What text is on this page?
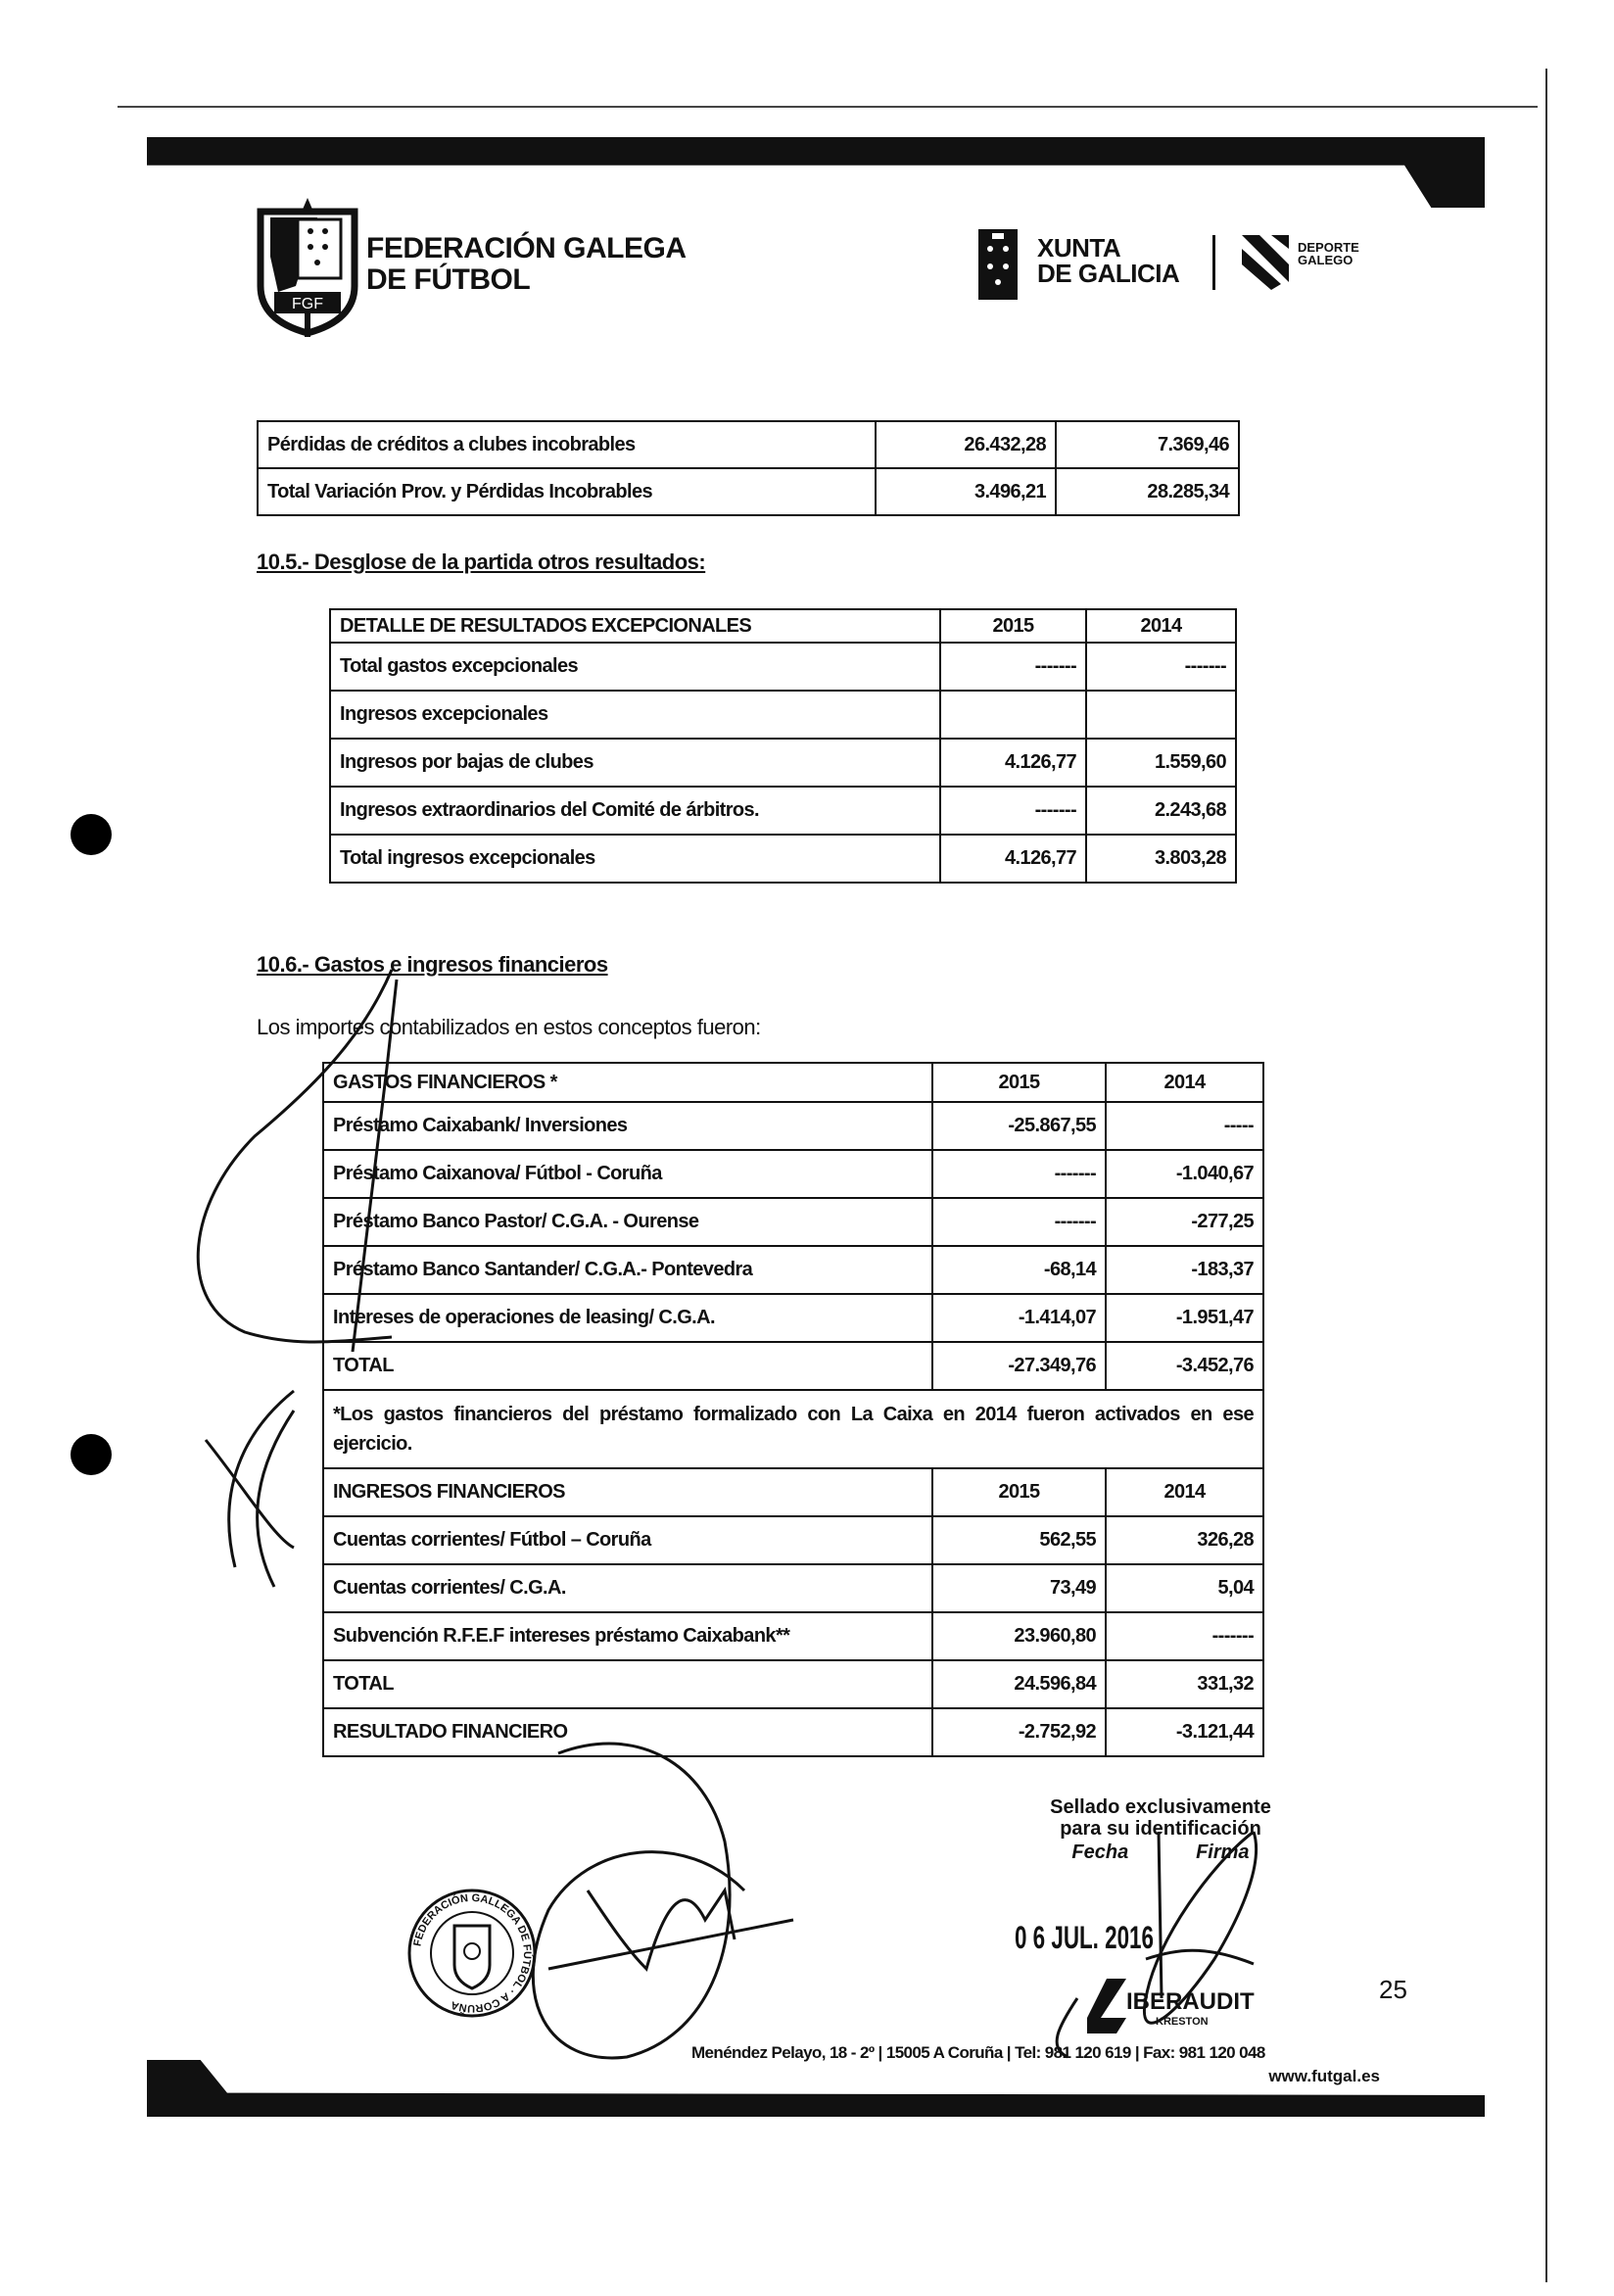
FGF
FEDERACIÓN GALEGA
DE FÚTBOL
XUNTA
DE GALICIA
DEPORTE
GALEGO
Pérdidas de créditos a clubes incobrables	26.432,28	7.369,46
Total Variación Prov. y Pérdidas Incobrables	3.496,21	28.285,34
10.5.- Desglose de la partida otros resultados:
DETALLE DE RESULTADOS EXCEPCIONALES	2015	2014
Total gastos excepcionales	-------	-------
Ingresos excepcionales		
Ingresos por bajas de clubes	4.126,77	1.559,60
Ingresos extraordinarios del Comité de árbitros.	-------	2.243,68
Total ingresos excepcionales	4.126,77	3.803,28
10.6.- Gastos e ingresos financieros
Los importes contabilizados en estos conceptos fueron:
GASTOS FINANCIEROS *	2015	2014
Préstamo Caixabank/ Inversiones	-25.867,55	-----
Préstamo Caixanova/ Fútbol - Coruña	-------	-1.040,67
Préstamo Banco Pastor/ C.G.A. - Ourense	-------	-277,25
Préstamo Banco Santander/ C.G.A.- Pontevedra	-68,14	-183,37
Intereses de operaciones de leasing/ C.G.A.	-1.414,07	-1.951,47
TOTAL	-27.349,76	-3.452,76
*Los gastos financieros del préstamo formalizado con La Caixa en 2014 fueron activados en ese ejercicio.		
INGRESOS FINANCIEROS	2015	2014
Cuentas corrientes/ Fútbol – Coruña	562,55	326,28
Cuentas corrientes/ C.G.A.	73,49	5,04
Subvención R.F.E.F intereses préstamo Caixabank**	23.960,80	-------
TOTAL	24.596,84	331,32
RESULTADO FINANCIERO	-2.752,92	-3.121,44
Sellado exclusivamente
para su identificación
Fecha	Firma
0 6 JUL. 2016
IBERAUDIT
KRESTON
FEDERACIÓN GALLEGA DE FÚTBOL · A CORUÑA
25
Menéndez Pelayo, 18 - 2º | 15005 A Coruña | Tel: 981 120 619 | Fax: 981 120 048
www.futgal.es
